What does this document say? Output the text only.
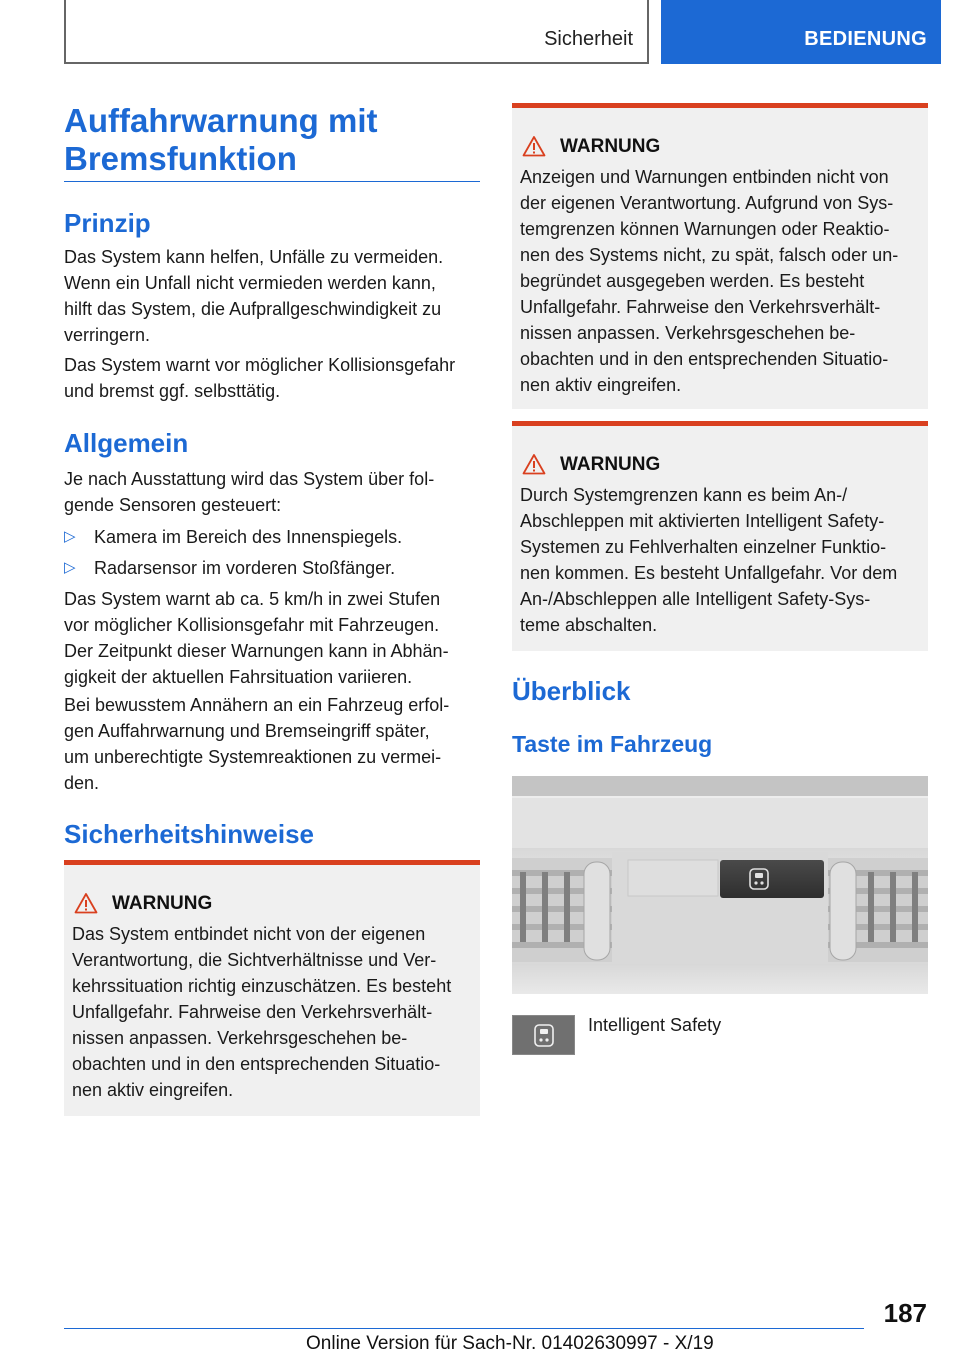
Sicherheit	BEDIENUNG
Auffahrwarnung mit
Bremsfunktion
Prinzip

Das System kann helfen, Unfälle zu vermeiden.
Wenn ein Unfall nicht vermieden werden kann,
hilft das System, die Aufprallgeschwindigkeit zu
verringern.

Das System warnt vor möglicher Kollisionsgefahr
und bremst ggf. selbsttätig.

Allgemein

Je nach Ausstattung wird das System über fol‐
gende Sensoren gesteuert:

▷ Kamera im Bereich des Innenspiegels.
▷ Radarsensor im vorderen Stoßfänger.

Das System warnt ab ca. 5 km/h in zwei Stufen
vor möglicher Kollisionsgefahr mit Fahrzeugen.
Der Zeitpunkt dieser Warnungen kann in Abhän‐
gigkeit der aktuellen Fahrsituation variieren.

Bei bewusstem Annähern an ein Fahrzeug erfol‐
gen Auffahrwarnung und Bremseingriff später,
um unberechtigte Systemreaktionen zu vermei‐
den.

Sicherheitshinweise
WARNUNG

Das System entbindet nicht von der eigenen
Verantwortung, die Sichtverhältnisse und Ver‐
kehrssituation richtig einzuschätzen. Es besteht
Unfallgefahr. Fahrweise den Verkehrsverhält‐
nissen anpassen. Verkehrsgeschehen be‐
obachten und in den entsprechenden Situatio‐
nen aktiv eingreifen.

WARNUNG

Anzeigen und Warnungen entbinden nicht von
der eigenen Verantwortung. Aufgrund von Sys‐
temgrenzen können Warnungen oder Reaktio‐
nen des Systems nicht, zu spät, falsch oder un‐
begründet ausgegeben werden. Es besteht
Unfallgefahr. Fahrweise den Verkehrsverhält‐
nissen anpassen. Verkehrsgeschehen be‐
obachten und in den entsprechenden Situatio‐
nen aktiv eingreifen.

WARNUNG

Durch Systemgrenzen kann es beim An-/
Abschleppen mit aktivierten Intelligent Safety-
Systemen zu Fehlverhalten einzelner Funktio‐
nen kommen. Es besteht Unfallgefahr. Vor dem
An-/Abschleppen alle Intelligent Safety-Sys‐
teme abschalten.

Überblick
Taste im Fahrzeug
Intelligent Safety
187
Online Version für Sach-Nr. 01402630997 - X/19
